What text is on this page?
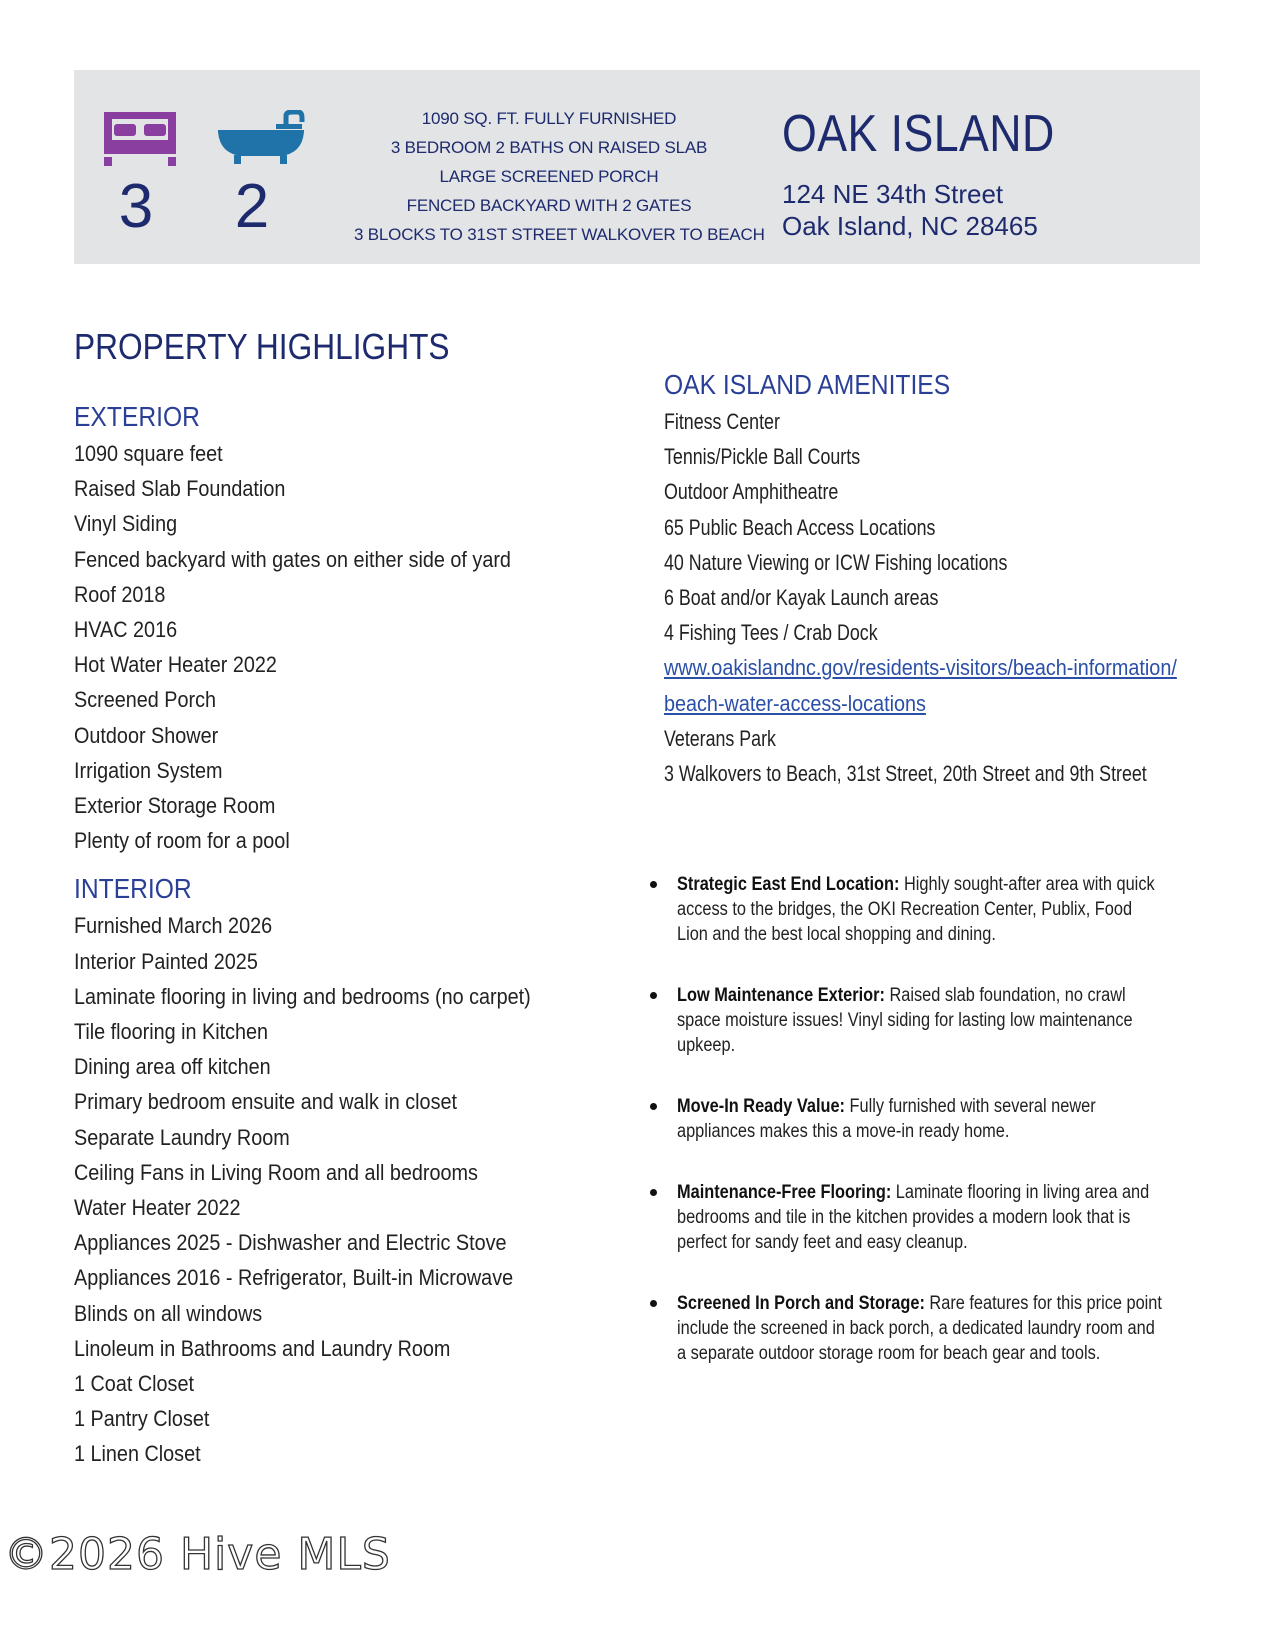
3	2
1090 SQ. FT. FULLY FURNISHED
3 BEDROOM 2 BATHS ON RAISED SLAB
LARGE SCREENED PORCH
FENCED BACKYARD WITH 2 GATES
3 BLOCKS TO 31ST STREET WALKOVER TO BEACH
OAK ISLAND
124 NE 34th Street
Oak Island, NC 28465
PROPERTY HIGHLIGHTS
EXTERIOR
1090 square feet
Raised Slab Foundation
Vinyl Siding
Fenced backyard with gates on either side of yard
Roof 2018
HVAC 2016
Hot Water Heater 2022
Screened Porch
Outdoor Shower
Irrigation System
Exterior Storage Room
Plenty of room for a pool
INTERIOR
Furnished March 2026
Interior Painted 2025
Laminate flooring in living and bedrooms (no carpet)
Tile flooring in Kitchen
Dining area off kitchen
Primary bedroom ensuite and walk in closet
Separate Laundry Room
Ceiling Fans in Living Room and all bedrooms
Water Heater 2022
Appliances 2025 - Dishwasher and Electric Stove
Appliances 2016 - Refrigerator, Built-in Microwave
Blinds on all windows
Linoleum in Bathrooms and Laundry Room
1 Coat Closet
1 Pantry Closet
1 Linen Closet
OAK ISLAND AMENITIES
Fitness Center
Tennis/Pickle Ball Courts
Outdoor Amphitheatre
65 Public Beach Access Locations
40 Nature Viewing or ICW Fishing locations
6 Boat and/or Kayak Launch areas
4 Fishing Tees / Crab Dock
www.oakislandnc.gov/residents-visitors/beach-information/
beach-water-access-locations
Veterans Park
3 Walkovers to Beach, 31st Street, 20th Street and 9th Street
Strategic East End Location: Highly sought-after area with quick access to the bridges, the OKI Recreation Center, Publix, Food Lion and the best local shopping and dining.
Low Maintenance Exterior: Raised slab foundation, no crawl space moisture issues! Vinyl siding for lasting low maintenance upkeep.
Move-In Ready Value: Fully furnished with several newer appliances makes this a move-in ready home.
Maintenance-Free Flooring: Laminate flooring in living area and bedrooms and tile in the kitchen provides a modern look that is perfect for sandy feet and easy cleanup.
Screened In Porch and Storage: Rare features for this price point include the screened in back porch, a dedicated laundry room and a separate outdoor storage room for beach gear and tools.
©2026 Hive MLS
